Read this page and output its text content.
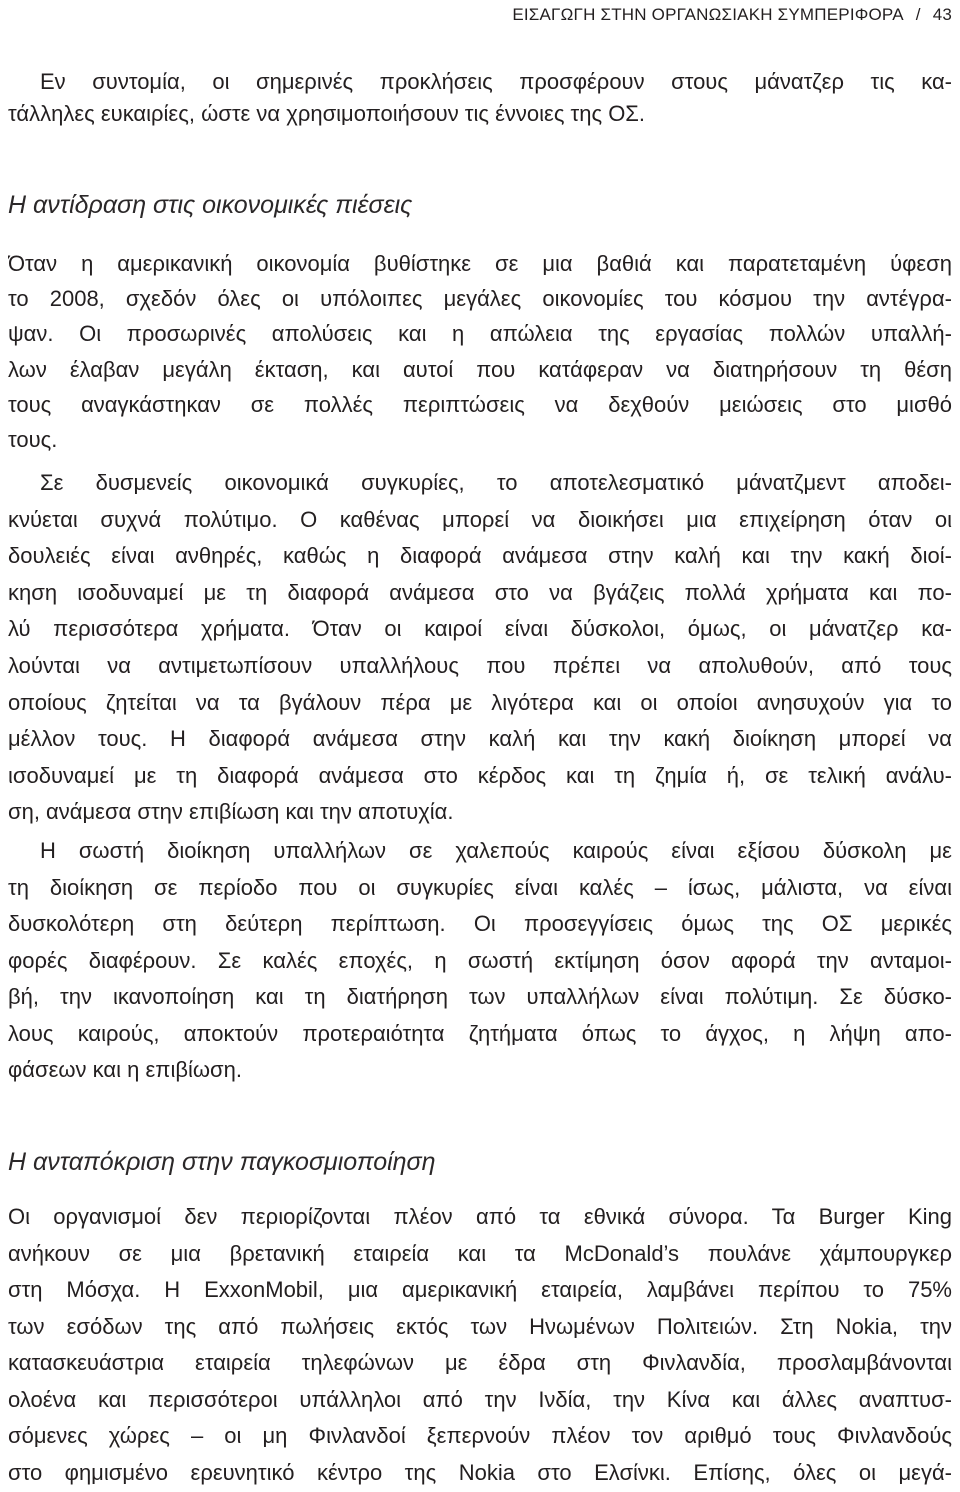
ΕΙΣΑΓΩΓΗ ΣΤΗΝ ΟΡΓΑΝΩΣΙΑΚΗ ΣΥΜΠΕΡΙΦΟΡΑ / 43
Εν συντομία, οι σημερινές προκλήσεις προσφέρουν στους μάνατζερ τις κα-
τάλληλες ευκαιρίες, ώστε να χρησιμοποιήσουν τις έννοιες της ΟΣ.
Η αντίδραση στις οικονομικές πιέσεις
Όταν η αμερικανική οικονομία βυθίστηκε σε μια βαθιά και παρατεταμένη ύφεση
το 2008, σχεδόν όλες οι υπόλοιπες μεγάλες οικονομίες του κόσμου την αντέγρα-
ψαν. Οι προσωρινές απολύσεις και η απώλεια της εργασίας πολλών υπαλλή-
λων έλαβαν μεγάλη έκταση, και αυτοί που κατάφεραν να διατηρήσουν τη θέση
τους αναγκάστηκαν σε πολλές περιπτώσεις να δεχθούν μειώσεις στο μισθό
τους.
Σε δυσμενείς οικονομικά συγκυρίες, το αποτελεσματικό μάνατζμεντ αποδει-
κνύεται συχνά πολύτιμο. Ο καθένας μπορεί να διοικήσει μια επιχείρηση όταν οι
δουλειές είναι ανθηρές, καθώς η διαφορά ανάμεσα στην καλή και την κακή διοί-
κηση ισοδυναμεί με τη διαφορά ανάμεσα στο να βγάζεις πολλά χρήματα και πο-
λύ περισσότερα χρήματα. Όταν οι καιροί είναι δύσκολοι, όμως, οι μάνατζερ κα-
λούνται να αντιμετωπίσουν υπαλλήλους που πρέπει να απολυθούν, από τους
οποίους ζητείται να τα βγάλουν πέρα με λιγότερα και οι οποίοι ανησυχούν για το
μέλλον τους. Η διαφορά ανάμεσα στην καλή και την κακή διοίκηση μπορεί να
ισοδυναμεί με τη διαφορά ανάμεσα στο κέρδος και τη ζημία ή, σε τελική ανάλυ-
ση, ανάμεσα στην επιβίωση και την αποτυχία.
Η σωστή διοίκηση υπαλλήλων σε χαλεπούς καιρούς είναι εξίσου δύσκολη με
τη διοίκηση σε περίοδο που οι συγκυρίες είναι καλές – ίσως, μάλιστα, να είναι
δυσκολότερη στη δεύτερη περίπτωση. Οι προσεγγίσεις όμως της ΟΣ μερικές
φορές διαφέρουν. Σε καλές εποχές, η σωστή εκτίμηση όσον αφορά την ανταμοι-
βή, την ικανοποίηση και τη διατήρηση των υπαλλήλων είναι πολύτιμη. Σε δύσκο-
λους καιρούς, αποκτούν προτεραιότητα ζητήματα όπως το άγχος, η λήψη απο-
φάσεων και η επιβίωση.
Η ανταπόκριση στην παγκοσμιοποίηση
Οι οργανισμοί δεν περιορίζονται πλέον από τα εθνικά σύνορα. Τα Burger King
ανήκουν σε μια βρετανική εταιρεία και τα McDonald’s πουλάνε χάμπουργκερ
στη Μόσχα. Η ExxonMobil, μια αμερικανική εταιρεία, λαμβάνει περίπου το 75%
των εσόδων της από πωλήσεις εκτός των Ηνωμένων Πολιτειών. Στη Nokia, την
κατασκευάστρια εταιρεία τηλεφώνων με έδρα στη Φινλανδία, προσλαμβάνονται
ολοένα και περισσότεροι υπάλληλοι από την Ινδία, την Κίνα και άλλες αναπτυσ-
σόμενες χώρες – οι μη Φινλανδοί ξεπερνούν πλέον τον αριθμό τους Φινλανδούς
στο φημισμένο ερευνητικό κέντρο της Nokia στο Ελσίνκι. Επίσης, όλες οι μεγά-
